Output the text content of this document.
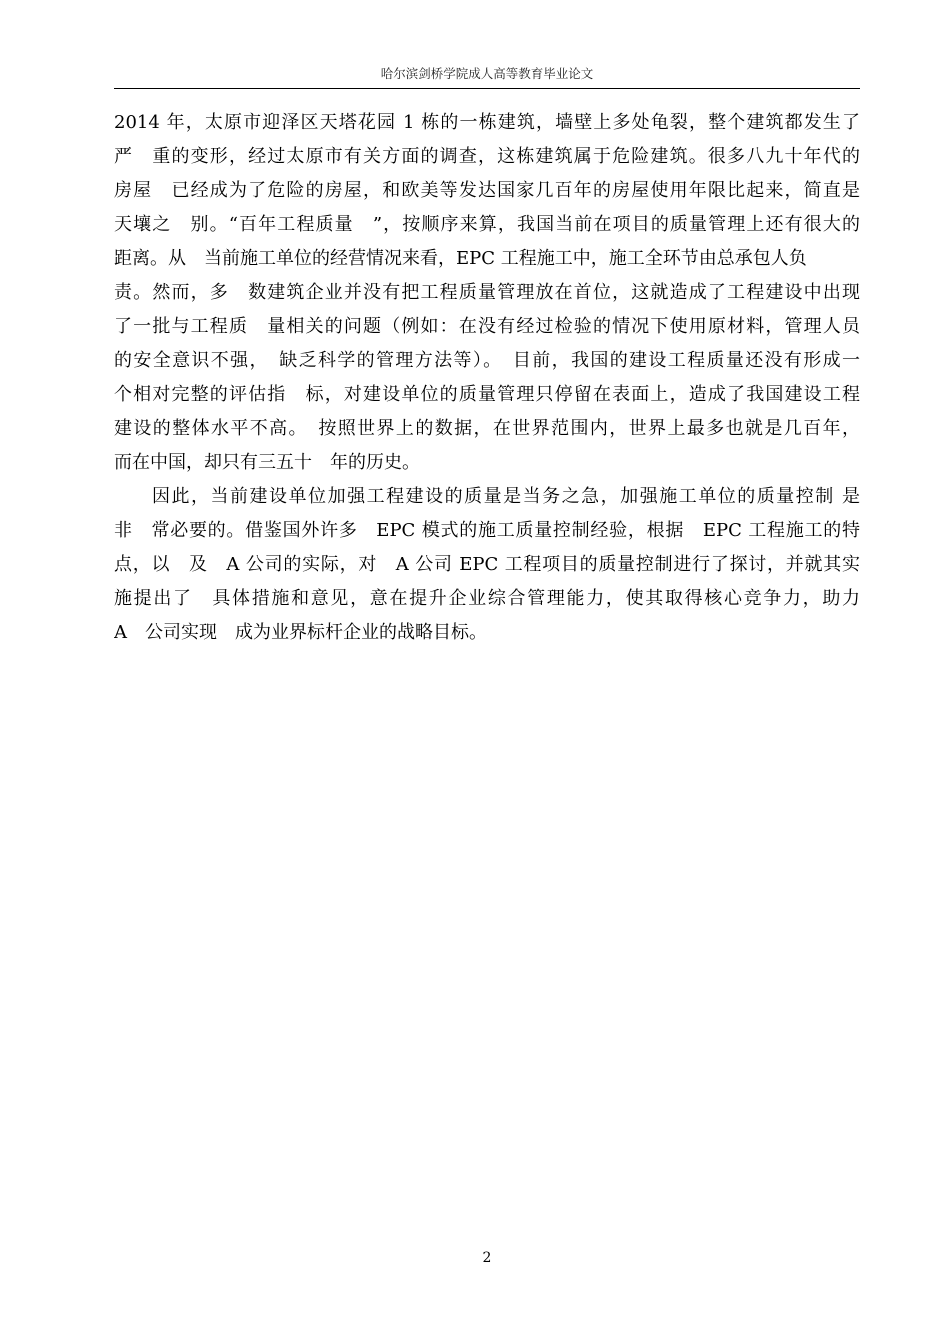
哈尔滨剑桥学院成人高等教育毕业论文
2014 年，太原市迎泽区天塔花园 1 栋的一栋建筑，墙壁上多处龟裂，整个建筑都发生了
严　重的变形，经过太原市有关方面的调查，这栋建筑属于危险建筑。很多八九十年代的
房屋　已经成为了危险的房屋，和欧美等发达国家几百年的房屋使用年限比起来，简直是
天壤之　别。“百年工程质量　”，按顺序来算，我国当前在项目的质量管理上还有很大的
距离。从　当前施工单位的经营情况来看，EPC 工程施工中，施工全环节由总承包人负
责。然而，多　数建筑企业并没有把工程质量管理放在首位，这就造成了工程建设中出现
了一批与工程质　量相关的问题（例如：在没有经过检验的情况下使用原材料，管理人员
的安全意识不强，　缺乏科学的管理方法等）。　目前，我国的建设工程质量还没有形成一
个相对完整的评估指　标，对建设单位的质量管理只停留在表面上，造成了我国建设工程
建设的整体水平不高。　按照世界上的数据，在世界范围内，世界上最多也就是几百年，
而在中国，却只有三五十　年的历史。
因此，当前建设单位加强工程建设的质量是当务之急，加强施工单位的质量控制 是
非　常必要的。借鉴国外许多　EPC 模式的施工质量控制经验，根据　EPC 工程施工的特
点，以　及　A 公司的实际，对　A 公司 EPC 工程项目的质量控制进行了探讨，并就其实
施提出了　具体措施和意见，意在提升企业综合管理能力，使其取得核心竞争力，助力
A　公司实现　成为业界标杆企业的战略目标。
2
